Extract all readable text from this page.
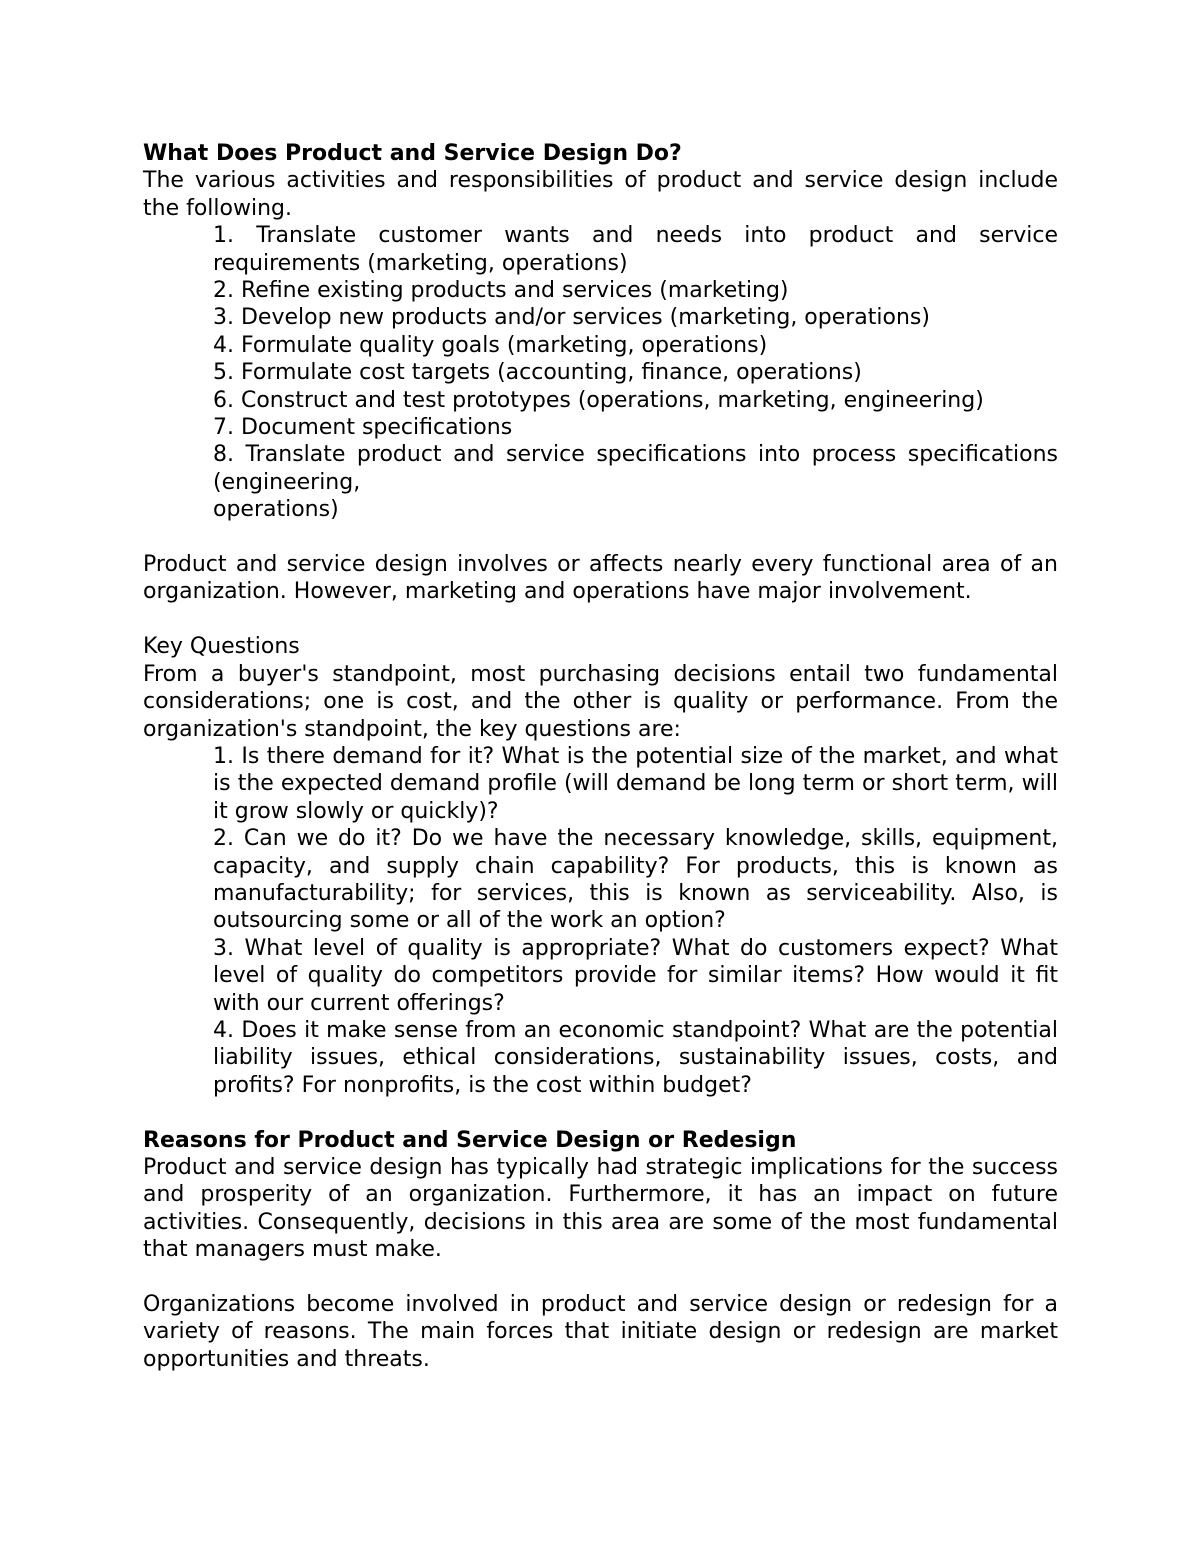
What Does Product and Service Design Do?

The various activities and responsibilities of product and service design include the following.

1. Translate customer wants and needs into product and service requirements (marketing, operations)

2. Refine existing products and services (marketing)

3. Develop new products and/or services (marketing, operations)

4. Formulate quality goals (marketing, operations)

5. Formulate cost targets (accounting, finance, operations)

6. Construct and test prototypes (operations, marketing, engineering)

7. Document specifications

8. Translate product and service specifications into process specifications (engineering,

operations)

Product and service design involves or affects nearly every functional area of an organization. However, marketing and operations have major involvement.

Key Questions

From a buyer's standpoint, most purchasing decisions entail two fundamental considerations; one is cost, and the other is quality or performance. From the organization's standpoint, the key questions are:

1. Is there demand for it? What is the potential size of the market, and what is the expected demand profile (will demand be long term or short term, will it grow slowly or quickly)?

2. Can we do it? Do we have the necessary knowledge, skills, equipment, capacity, and supply chain capability? For products, this is known as manufacturability; for services, this is known as serviceability. Also, is outsourcing some or all of the work an option?

3. What level of quality is appropriate? What do customers expect? What level of quality do competitors provide for similar items? How would it fit with our current offerings?

4. Does it make sense from an economic standpoint? What are the potential liability issues, ethical considerations, sustainability issues, costs, and profits? For nonprofits, is the cost within budget?

Reasons for Product and Service Design or Redesign

Product and service design has typically had strategic implications for the success and prosperity of an organization. Furthermore, it has an impact on future activities. Consequently, decisions in this area are some of the most fundamental that managers must make.

Organizations become involved in product and service design or redesign for a variety of reasons. The main forces that initiate design or redesign are market opportunities and threats.
